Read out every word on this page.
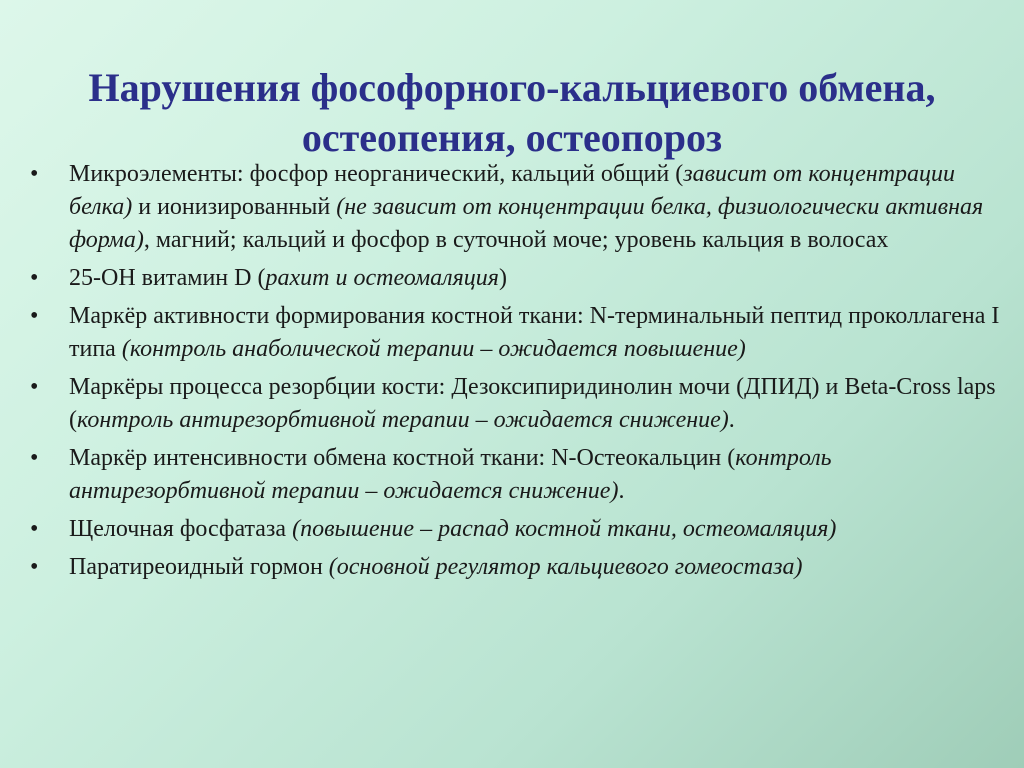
Нарушения фософорного-кальциевого обмена,
остеопения, остеопороз
• Микроэлементы: фосфор неорганический, кальций общий (зависит от концентрации белка) и ионизированный (не зависит от концентрации белка, физиологически активная форма), магний; кальций и фосфор в суточной моче; уровень кальция в волосах
• 25-ОН витамин D (рахит и остеомаляция)
• Маркёр активности формирования костной ткани: N-терминальный пептид проколлагена I типа (контроль анаболической терапии – ожидается повышение)
• Маркёры процесса резорбции кости: Дезоксипиридинолин мочи (ДПИД) и Beta-Cross laps (контроль антирезорбтивной терапии – ожидается снижение).
• Маркёр интенсивности обмена костной ткани: N-Остеокальцин (контроль антирезорбтивной терапии – ожидается снижение).
• Щелочная фосфатаза (повышение – распад костной ткани, остеомаляция)
• Паратиреоидный гормон (основной регулятор кальциевого гомеостаза)
